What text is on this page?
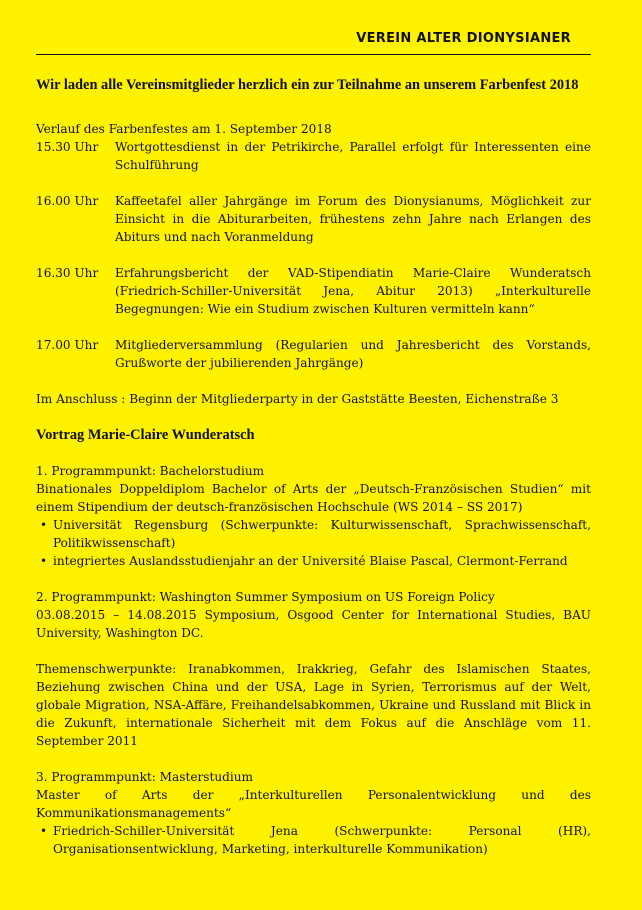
VEREIN ALTER DIONYSIANER
Wir laden alle Vereinsmitglieder herzlich ein zur Teilnahme an unserem Farbenfest 2018
Verlauf des Farbenfestes am 1. September 2018
15.30 Uhr	Wortgottesdienst in der Petrikirche, Parallel erfolgt für Interessenten eine Schulführung
16.00 Uhr	Kaffeetafel aller Jahrgänge im Forum des Dionysianums, Möglichkeit zur Einsicht in die Abiturarbeiten, frühestens zehn Jahre nach Erlangen des Abiturs und nach Voranmeldung
16.30 Uhr	Erfahrungsbericht der VAD-Stipendiatin Marie-Claire Wunderatsch (Friedrich-Schiller-Universität Jena, Abitur 2013) „Interkulturelle Begegnungen: Wie ein Studium zwischen Kulturen vermitteln kann“
17.00 Uhr	Mitgliederversammlung (Regularien und Jahresbericht des Vorstands, Grußworte der jubilierenden Jahrgänge)
Im Anschluss : Beginn der Mitgliederparty in der Gaststätte Beesten, Eichenstraße 3
Vortrag Marie-Claire Wunderatsch
1. Programmpunkt: Bachelorstudium
Binationales Doppeldiplom Bachelor of Arts der „Deutsch-Französischen Studien“ mit einem Stipendium der deutsch-französischen Hochschule (WS 2014 – SS 2017)
• Universität Regensburg (Schwerpunkte: Kulturwissenschaft, Sprachwissenschaft, Politikwissenschaft)
• integriertes Auslandsstudienjahr an der Université Blaise Pascal, Clermont-Ferrand
2. Programmpunkt: Washington Summer Symposium on US Foreign Policy
03.08.2015 – 14.08.2015 Symposium, Osgood Center for International Studies, BAU University, Washington DC.
Themenschwerpunkte: Iranabkommen, Irakkrieg, Gefahr des Islamischen Staates, Beziehung zwischen China und der USA, Lage in Syrien, Terrorismus auf der Welt, globale Migration, NSA-Affäre, Freihandelsabkommen, Ukraine und Russland mit Blick in die Zukunft, internationale Sicherheit mit dem Fokus auf die Anschläge vom 11. September 2011
3. Programmpunkt: Masterstudium
Master of Arts der „Interkulturellen Personalentwicklung und des Kommunikationsmanagements“
• Friedrich-Schiller-Universität Jena (Schwerpunkte: Personal (HR), Organisationsentwicklung, Marketing, interkulturelle Kommunikation)
